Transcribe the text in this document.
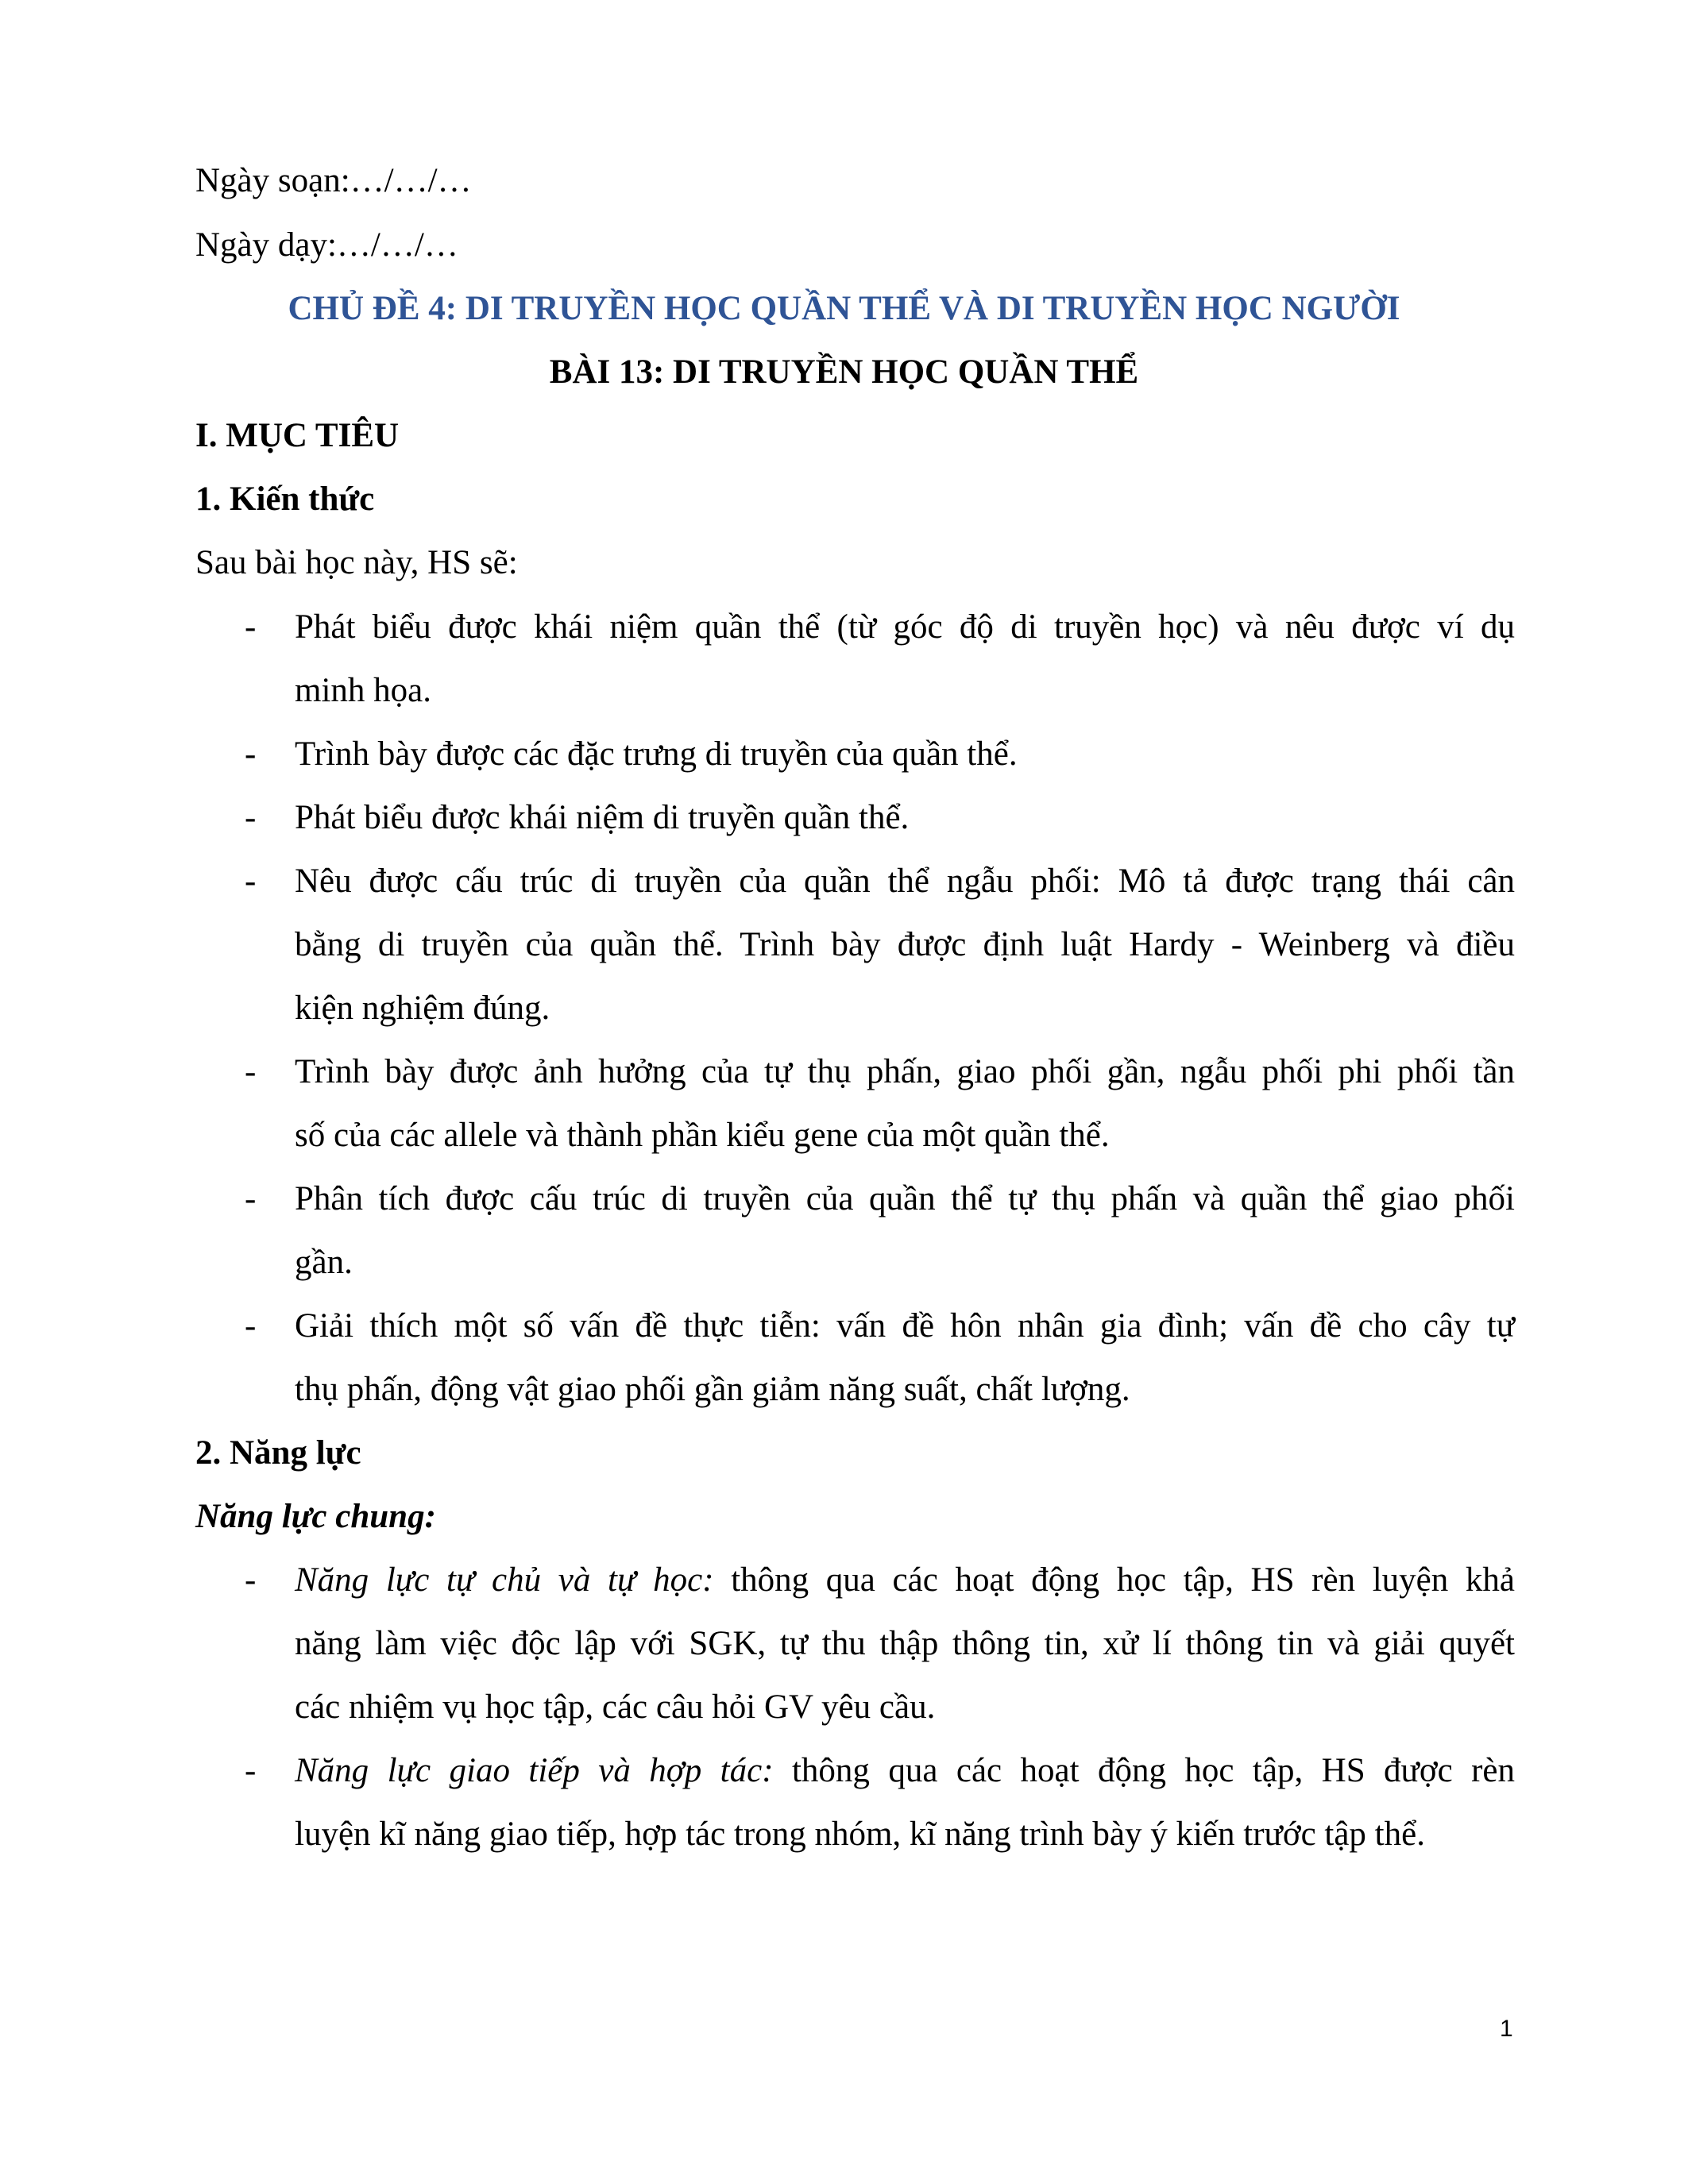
Ngày soạn:…/…/…
Ngày dạy:…/…/…
CHỦ ĐỀ 4: DI TRUYỀN HỌC QUẦN THỂ VÀ DI TRUYỀN HỌC NGƯỜI
BÀI 13: DI TRUYỀN HỌC QUẦN THỂ
I. MỤC TIÊU
1. Kiến thức
Sau bài học này, HS sẽ:
- Phát biểu được khái niệm quần thể (từ góc độ di truyền học) và nêu được ví dụ
minh họa.
- Trình bày được các đặc trưng di truyền của quần thể.
- Phát biểu được khái niệm di truyền quần thể.
- Nêu được cấu trúc di truyền của quần thể ngẫu phối: Mô tả được trạng thái cân
bằng di truyền của quần thể. Trình bày được định luật Hardy - Weinberg và điều
kiện nghiệm đúng.
- Trình bày được ảnh hưởng của tự thụ phấn, giao phối gần, ngẫu phối phi phối tần
số của các allele và thành phần kiểu gene của một quần thể.
- Phân tích được cấu trúc di truyền của quần thể tự thụ phấn và quần thể giao phối
gần.
- Giải thích một số vấn đề thực tiễn: vấn đề hôn nhân gia đình; vấn đề cho cây tự
thụ phấn, động vật giao phối gần giảm năng suất, chất lượng.
2. Năng lực
Năng lực chung:
- Năng lực tự chủ và tự học: thông qua các hoạt động học tập, HS rèn luyện khả
năng làm việc độc lập với SGK, tự thu thập thông tin, xử lí thông tin và giải quyết
các nhiệm vụ học tập, các câu hỏi GV yêu cầu.
- Năng lực giao tiếp và hợp tác: thông qua các hoạt động học tập, HS được rèn
luyện kĩ năng giao tiếp, hợp tác trong nhóm, kĩ năng trình bày ý kiến trước tập thể.
1
